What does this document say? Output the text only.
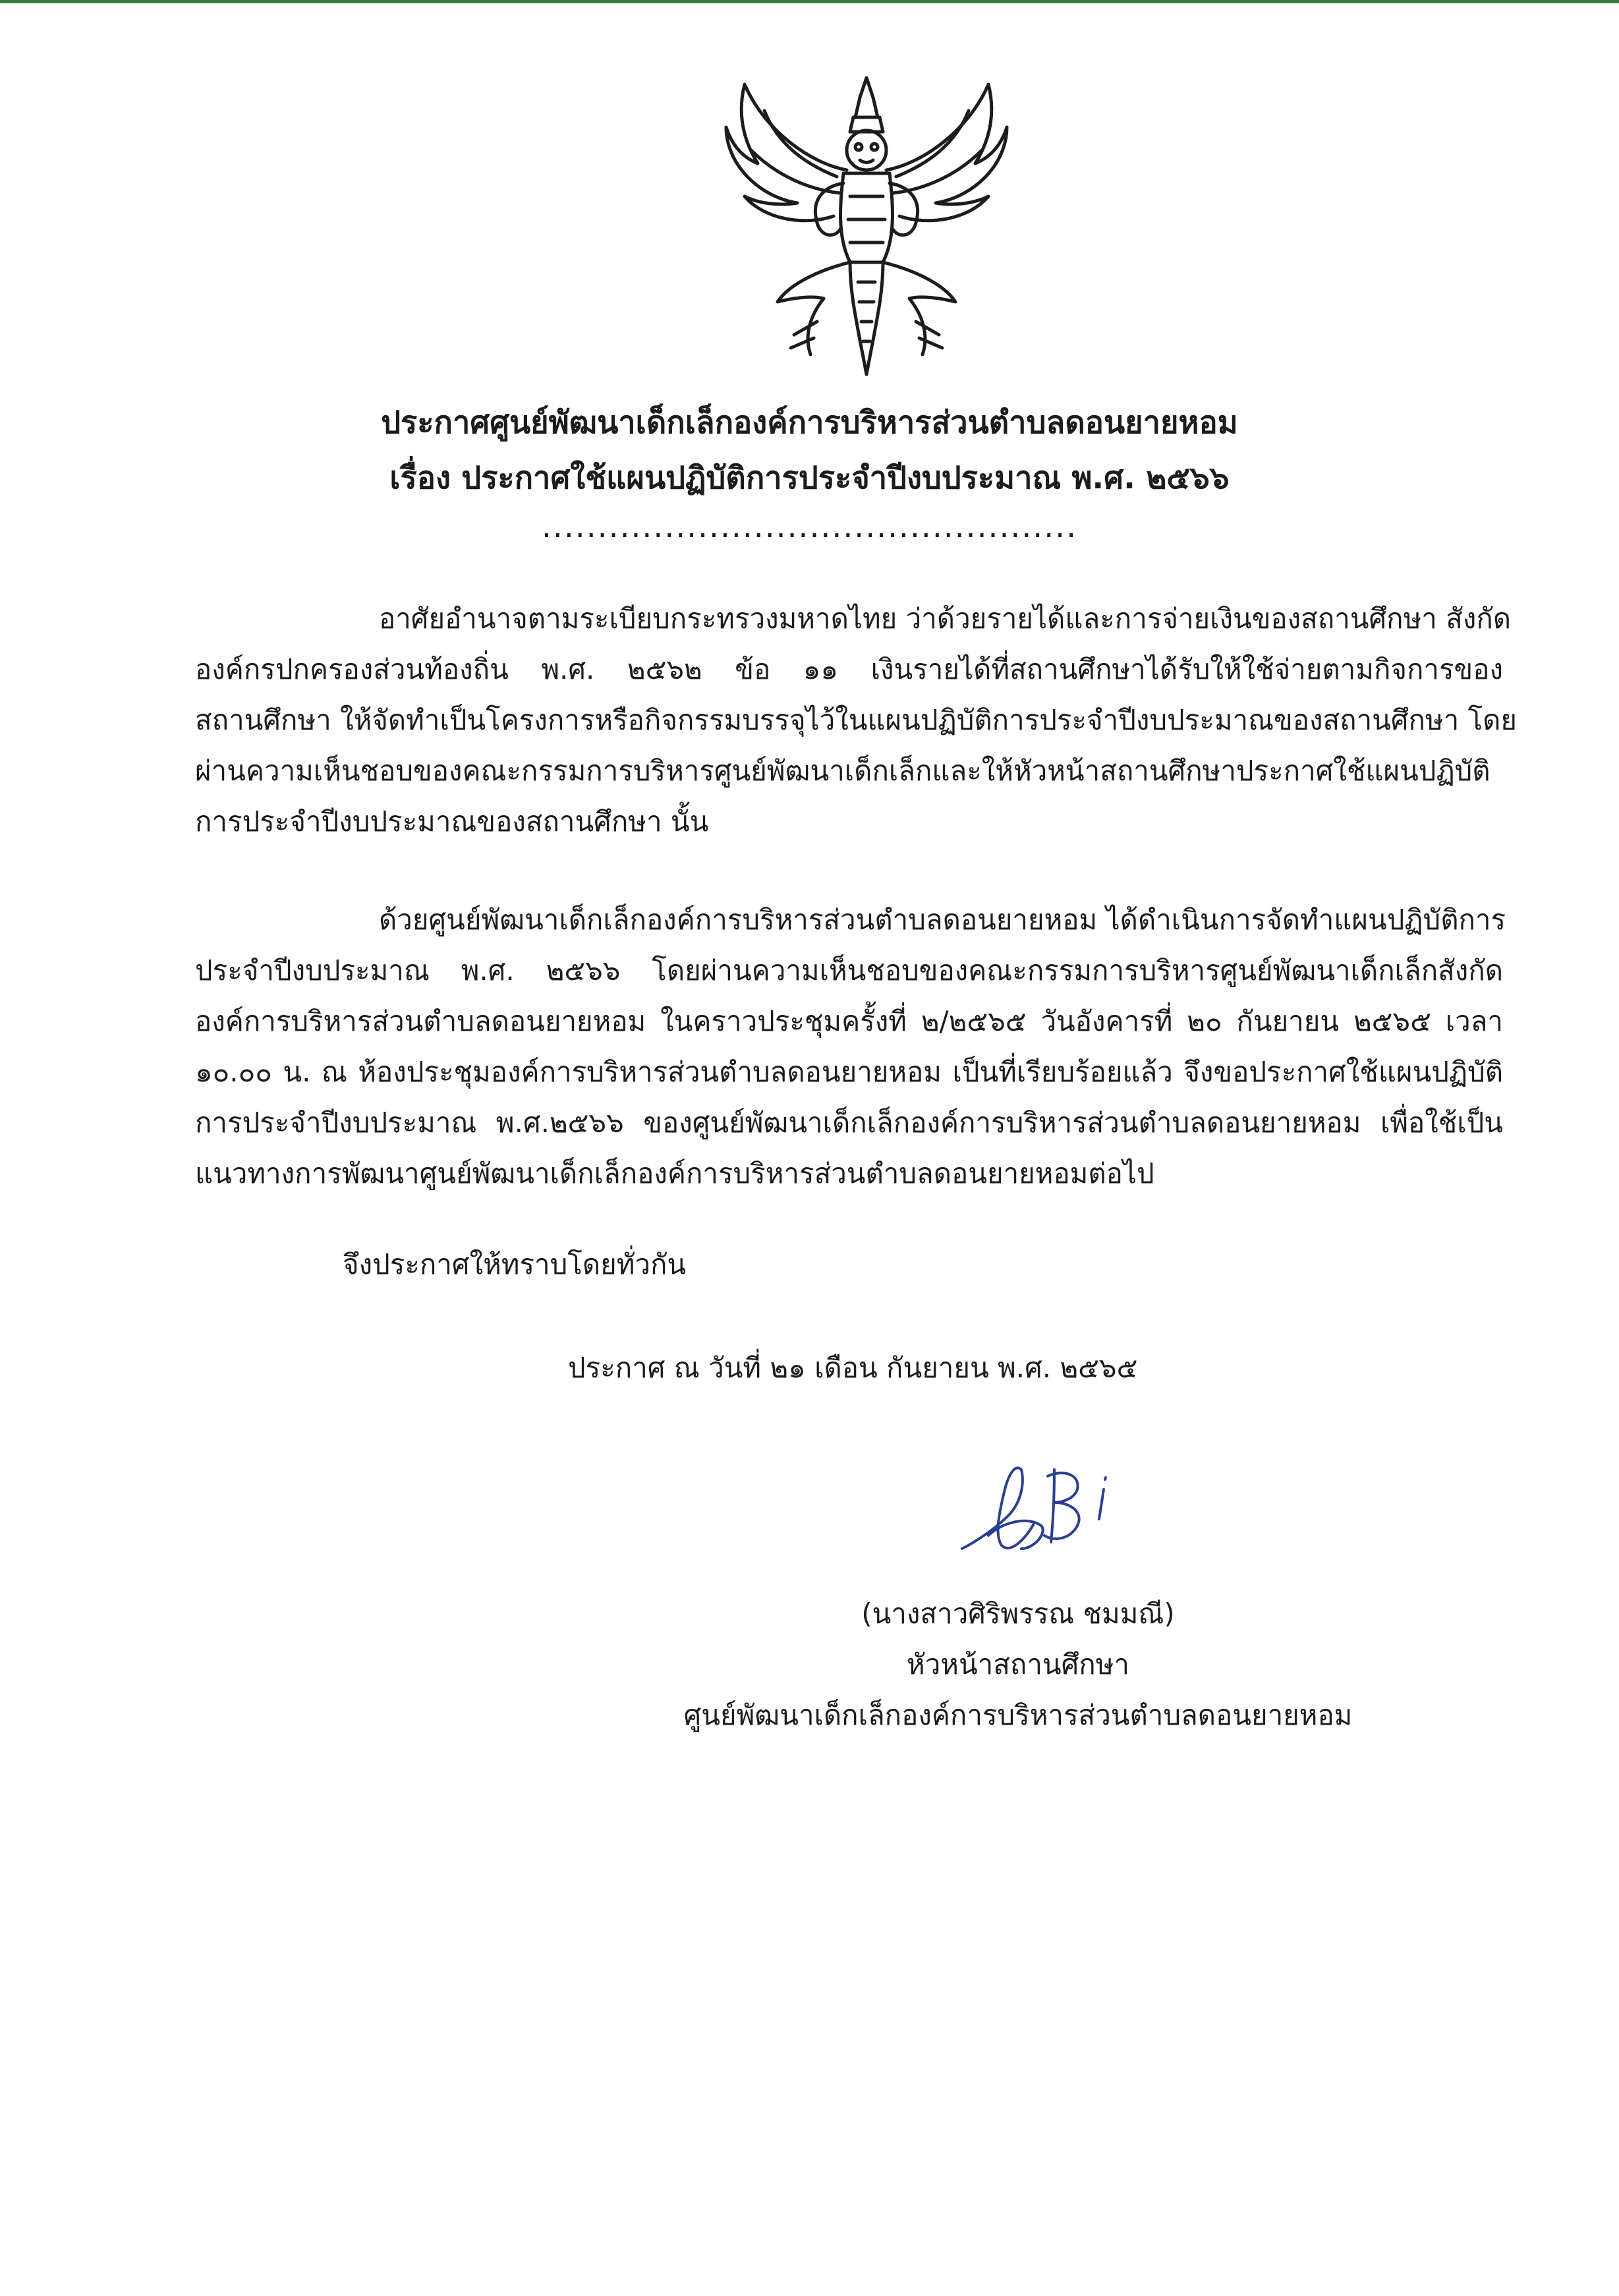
ประกาศศูนย์พัฒนาเด็กเล็กองค์การบริหารส่วนตำบลดอนยายหอม
เรื่อง ประกาศใช้แผนปฏิบัติการประจำปีงบประมาณ พ.ศ. ๒๕๖๖
................................................
อาศัยอำนาจตามระเบียบกระทรวงมหาดไทย ว่าด้วยรายได้และการจ่ายเงินของสถานศึกษา สังกัด
องค์กรปกครองส่วนท้องถิ่น พ.ศ. ๒๕๖๒ ข้อ ๑๑ เงินรายได้ที่สถานศึกษาได้รับให้ใช้จ่ายตามกิจการของ
สถานศึกษา ให้จัดทำเป็นโครงการหรือกิจกรรมบรรจุไว้ในแผนปฏิบัติการประจำปีงบประมาณของสถานศึกษา โดย
ผ่านความเห็นชอบของคณะกรรมการบริหารศูนย์พัฒนาเด็กเล็กและให้หัวหน้าสถานศึกษาประกาศใช้แผนปฏิบัติ
การประจำปีงบประมาณของสถานศึกษา นั้น
ด้วยศูนย์พัฒนาเด็กเล็กองค์การบริหารส่วนตำบลดอนยายหอม ได้ดำเนินการจัดทำแผนปฏิบัติการ
ประจำปีงบประมาณ พ.ศ. ๒๕๖๖ โดยผ่านความเห็นชอบของคณะกรรมการบริหารศูนย์พัฒนาเด็กเล็กสังกัด
องค์การบริหารส่วนตำบลดอนยายหอม ในคราวประชุมครั้งที่ ๒/๒๕๖๕ วันอังคารที่ ๒๐ กันยายน ๒๕๖๕ เวลา
๑๐.๐๐ น. ณ ห้องประชุมองค์การบริหารส่วนตำบลดอนยายหอม เป็นที่เรียบร้อยแล้ว จึงขอประกาศใช้แผนปฏิบัติ
การประจำปีงบประมาณ พ.ศ.๒๕๖๖ ของศูนย์พัฒนาเด็กเล็กองค์การบริหารส่วนตำบลดอนยายหอม เพื่อใช้เป็น
แนวทางการพัฒนาศูนย์พัฒนาเด็กเล็กองค์การบริหารส่วนตำบลดอนยายหอมต่อไป
จึงประกาศให้ทราบโดยทั่วกัน
ประกาศ ณ วันที่ ๒๑ เดือน กันยายน พ.ศ. ๒๕๖๕
(นางสาวศิริพรรณ ชมมณี)
หัวหน้าสถานศึกษา
ศูนย์พัฒนาเด็กเล็กองค์การบริหารส่วนตำบลดอนยายหอม
